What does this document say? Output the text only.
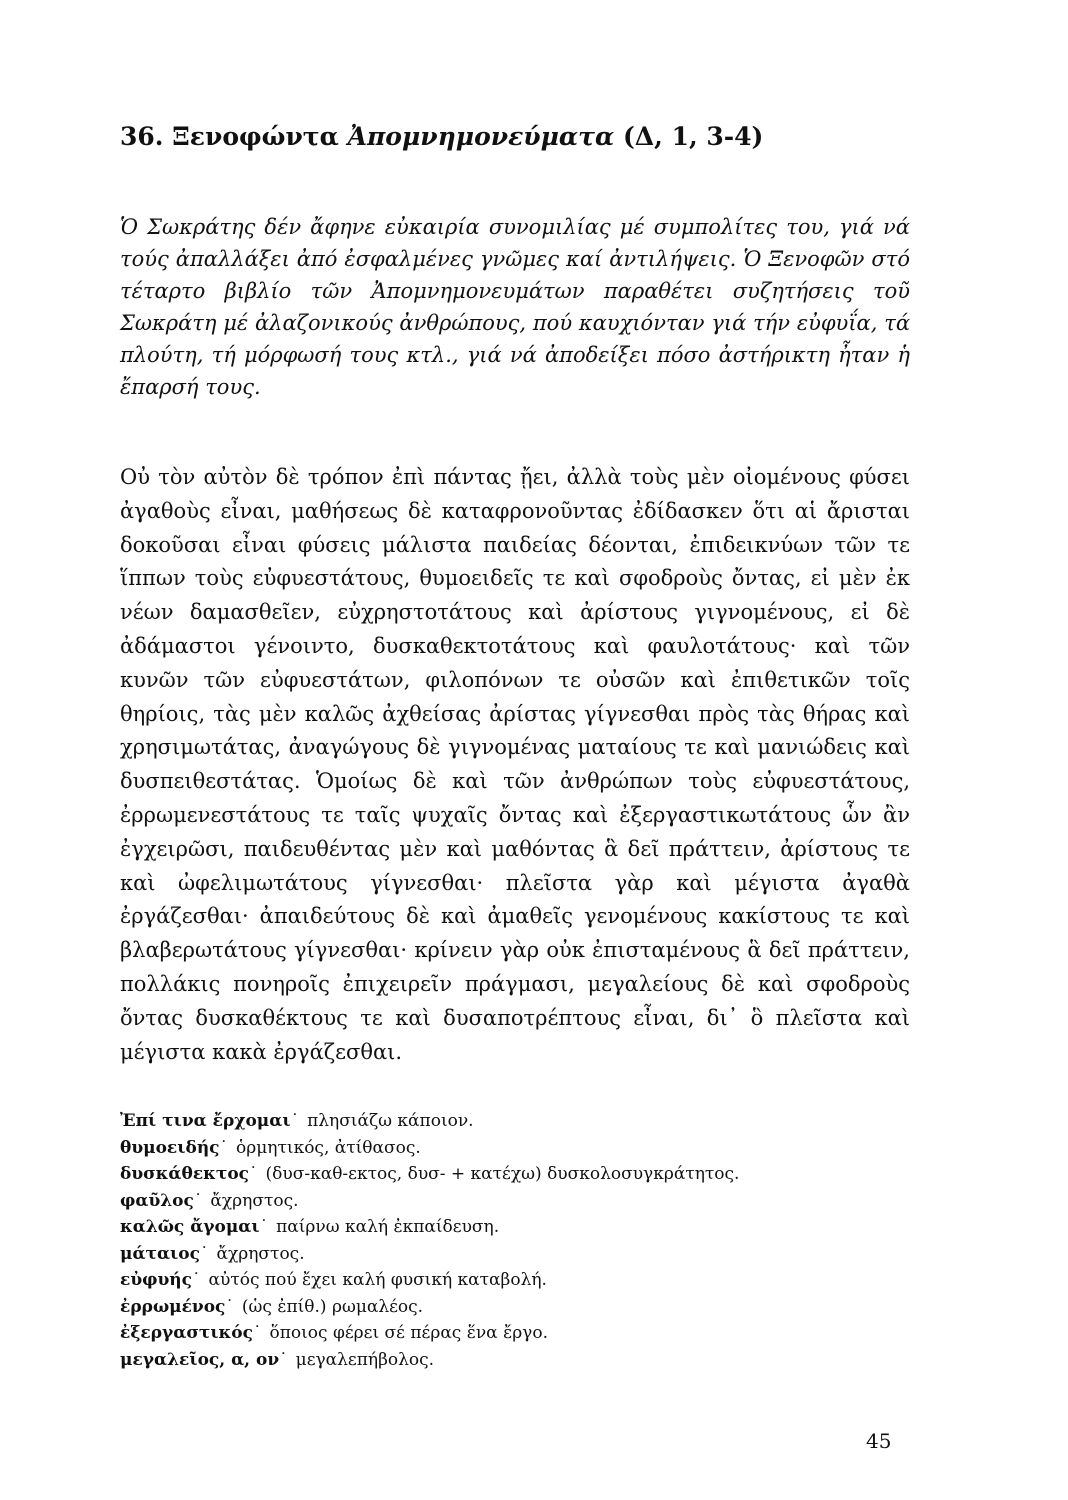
36. Ξενοφώντα Ἀπομνημονεύματα (Δ, 1, 3-4)

Ὁ Σωκράτης δέν ἄφηνε εὐκαιρία συνομιλίας μέ συμπολίτες του, γιά νά τούς ἀπαλλάξει ἀπό ἐσφαλμένες γνῶμες καί ἀντιλήψεις. Ὁ Ξενοφῶν στό τέταρτο βιβλίο τῶν Ἀπομνημονευμάτων παραθέτει συζητήσεις τοῦ Σωκράτη μέ ἀλαζονικούς ἀνθρώπους, πού καυχιόνταν γιά τήν εὐφυΐα, τά πλούτη, τή μόρφωσή τους κτλ., γιά νά ἀποδείξει πόσο ἀστήρικτη ἦταν ἡ ἔπαρσή τους.

Οὐ τὸν αὐτὸν δὲ τρόπον ἐπὶ πάντας ᾔει, ἀλλὰ τοὺς μὲν οἰομένους φύσει ἀγαθοὺς εἶναι, μαθήσεως δὲ καταφρονοῦντας ἐδίδασκεν ὅτι αἱ ἄρισται δοκοῦσαι εἶναι φύσεις μάλιστα παιδείας δέονται, ἐπιδεικνύων τῶν τε ἵππων τοὺς εὐφυεστάτους, θυμοειδεῖς τε καὶ σφοδροὺς ὄντας, εἰ μὲν ἐκ νέων δαμασθεῖεν, εὐχρηστοτάτους καὶ ἀρίστους γιγνομένους, εἰ δὲ ἀδάμαστοι γένοιντο, δυσκαθεκτοτάτους καὶ φαυλοτάτους· καὶ τῶν κυνῶν τῶν εὐφυεστάτων, φιλοπόνων τε οὐσῶν καὶ ἐπιθετικῶν τοῖς θηρίοις, τὰς μὲν καλῶς ἀχθείσας ἀρίστας γίγνεσθαι πρὸς τὰς θήρας καὶ χρησιμωτάτας, ἀναγώγους δὲ γιγνομένας ματαίους τε καὶ μανιώδεις καὶ δυσπειθεστάτας. Ὁμοίως δὲ καὶ τῶν ἀνθρώπων τοὺς εὐφυεστάτους, ἐρρωμενεστάτους τε ταῖς ψυχαῖς ὄντας καὶ ἐξεργαστικωτάτους ὧν ἂν ἐγχειρῶσι, παιδευθέντας μὲν καὶ μαθόντας ἃ δεῖ πράττειν, ἀρίστους τε καὶ ὠφελιμωτάτους γίγνεσθαι· πλεῖστα γὰρ καὶ μέγιστα ἀγαθὰ ἐργάζεσθαι· ἀπαιδεύτους δὲ καὶ ἀμαθεῖς γενομένους κακίστους τε καὶ βλαβερωτάτους γίγνεσθαι· κρίνειν γὰρ οὐκ ἐπισταμένους ἃ δεῖ πράττειν, πολλάκις πονηροῖς ἐπιχειρεῖν πράγμασι, μεγαλείους δὲ καὶ σφοδροὺς ὄντας δυσκαθέκτους τε καὶ δυσαποτρέπτους εἶναι, δι᾽ ὃ πλεῖστα καὶ μέγιστα κακὰ ἐργάζεσθαι.

Ἐπί τινα ἔρχομαι˙ πλησιάζω κάποιον.
θυμοειδής˙ ὁρμητικός, ἀτίθασος.
δυσκάθεκτος˙ (δυσ-καθ-εκτος, δυσ- + κατέχω) δυσκολοσυγκράτητος.
φαῦλος˙ ἄχρηστος.
καλῶς ἄγομαι˙ παίρνω καλή ἐκπαίδευση.
μάταιος˙ ἄχρηστος.
εὐφυής˙ αὐτός πού ἔχει καλή φυσική καταβολή.
ἐρρωμένος˙ (ὡς ἐπίθ.) ρωμαλέος.
ἐξεργαστικός˙ ὅποιος φέρει σέ πέρας ἕνα ἔργο.
μεγαλεῖος, α, ον˙ μεγαλεπήβολος.
45
